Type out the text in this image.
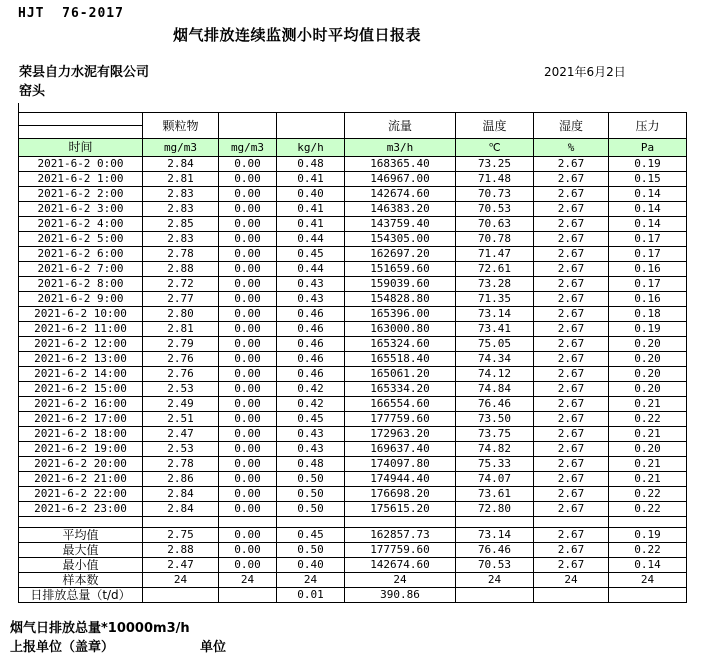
HJT  76-2017
烟气排放连续监测小时平均值日报表
荣县自力水泥有限公司	2021年6月2日
窑头
	颗粒物			流量	温度	湿度	压力
时间	mg/m3	mg/m3	kg/h	m3/h	℃	%	Pa
2021-6-2 0:00	2.84	0.00	0.48	168365.40	73.25	2.67	0.19
2021-6-2 1:00	2.81	0.00	0.41	146967.00	71.48	2.67	0.15
2021-6-2 2:00	2.83	0.00	0.40	142674.60	70.73	2.67	0.14
2021-6-2 3:00	2.83	0.00	0.41	146383.20	70.53	2.67	0.14
2021-6-2 4:00	2.85	0.00	0.41	143759.40	70.63	2.67	0.14
2021-6-2 5:00	2.83	0.00	0.44	154305.00	70.78	2.67	0.17
2021-6-2 6:00	2.78	0.00	0.45	162697.20	71.47	2.67	0.17
2021-6-2 7:00	2.88	0.00	0.44	151659.60	72.61	2.67	0.16
2021-6-2 8:00	2.72	0.00	0.43	159039.60	73.28	2.67	0.17
2021-6-2 9:00	2.77	0.00	0.43	154828.80	71.35	2.67	0.16
2021-6-2 10:00	2.80	0.00	0.46	165396.00	73.14	2.67	0.18
2021-6-2 11:00	2.81	0.00	0.46	163000.80	73.41	2.67	0.19
2021-6-2 12:00	2.79	0.00	0.46	165324.60	75.05	2.67	0.20
2021-6-2 13:00	2.76	0.00	0.46	165518.40	74.34	2.67	0.20
2021-6-2 14:00	2.76	0.00	0.46	165061.20	74.12	2.67	0.20
2021-6-2 15:00	2.53	0.00	0.42	165334.20	74.84	2.67	0.20
2021-6-2 16:00	2.49	0.00	0.42	166554.60	76.46	2.67	0.21
2021-6-2 17:00	2.51	0.00	0.45	177759.60	73.50	2.67	0.22
2021-6-2 18:00	2.47	0.00	0.43	172963.20	73.75	2.67	0.21
2021-6-2 19:00	2.53	0.00	0.43	169637.40	74.82	2.67	0.20
2021-6-2 20:00	2.78	0.00	0.48	174097.80	75.33	2.67	0.21
2021-6-2 21:00	2.86	0.00	0.50	174944.40	74.07	2.67	0.21
2021-6-2 22:00	2.84	0.00	0.50	176698.20	73.61	2.67	0.22
2021-6-2 23:00	2.84	0.00	0.50	175615.20	72.80	2.67	0.22

平均值	2.75	0.00	0.45	162857.73	73.14	2.67	0.19
最大值	2.88	0.00	0.50	177759.60	76.46	2.67	0.22
最小值	2.47	0.00	0.40	142674.60	70.53	2.67	0.14
样本数	24	24	24	24	24	24	24
日排放总量（t/d）			0.01	390.86			
烟气日排放总量*10000m3/h
上报单位（盖章）	单位
